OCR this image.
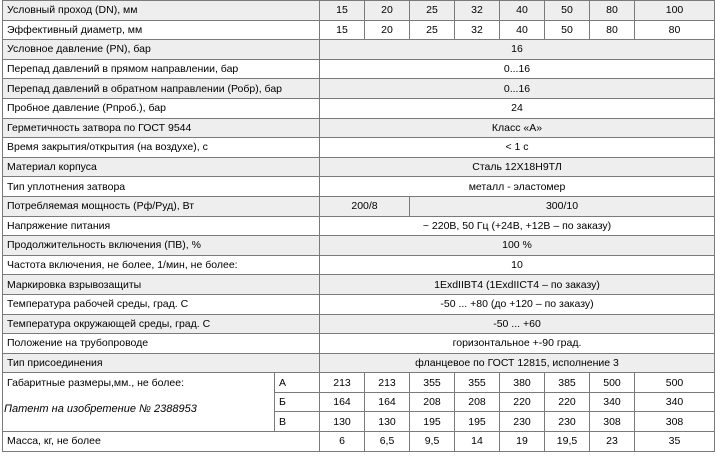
Условный проход (DN), мм		15	20	25	32	40	50	80	100
Эффективный диаметр, мм		15	20	25	32	40	50	80	80
Условное давление (PN), бар		16							
Перепад давлений в прямом направлении, бар		0...16							
Перепад давлений в обратном направлении (Робр), бар		0...16							
Пробное давление (Рпроб.), бар		24							
Герметичность затвора по ГОСТ 9544		Класс «А»							
Время закрытия/открытия (на воздухе), с		< 1 с							
Материал корпуса		Сталь 12Х18Н9ТЛ							
Тип уплотнения затвора		металл - эластомер							
Потребляемая мощность (Рф/Руд), Вт		200/8		300/10					
Напряжение питания		~ 220В, 50 Гц (+24В, +12В – по заказу)							
Продолжительность включения (ПВ), %		100 %							
Частота включения, не более, 1/мин, не более:		10							
Маркировка взрывозащиты		1ExdIIBT4 (1ExdIICT4 – по заказу)							
Температура рабочей среды, град. С		-50 ... +80 (до +120 – по заказу)							
Температура окружающей среды, град. С		-50 ... +60							
Положение на трубопроводе		горизонтальное +-90 град.							
Тип присоединения		фланцевое по ГОСТ 12815, исполнение 3							
Габаритные размеры,мм., не более:	А	213	213	355	355	380	385	500	500
	Б	164	164	208	208	220	220	340	340
	В	130	130	195	195	230	230	308	308
Масса, кг, не более		6	6,5	9,5	14	19	19,5	23	35
Патент на изобретение № 2388953
